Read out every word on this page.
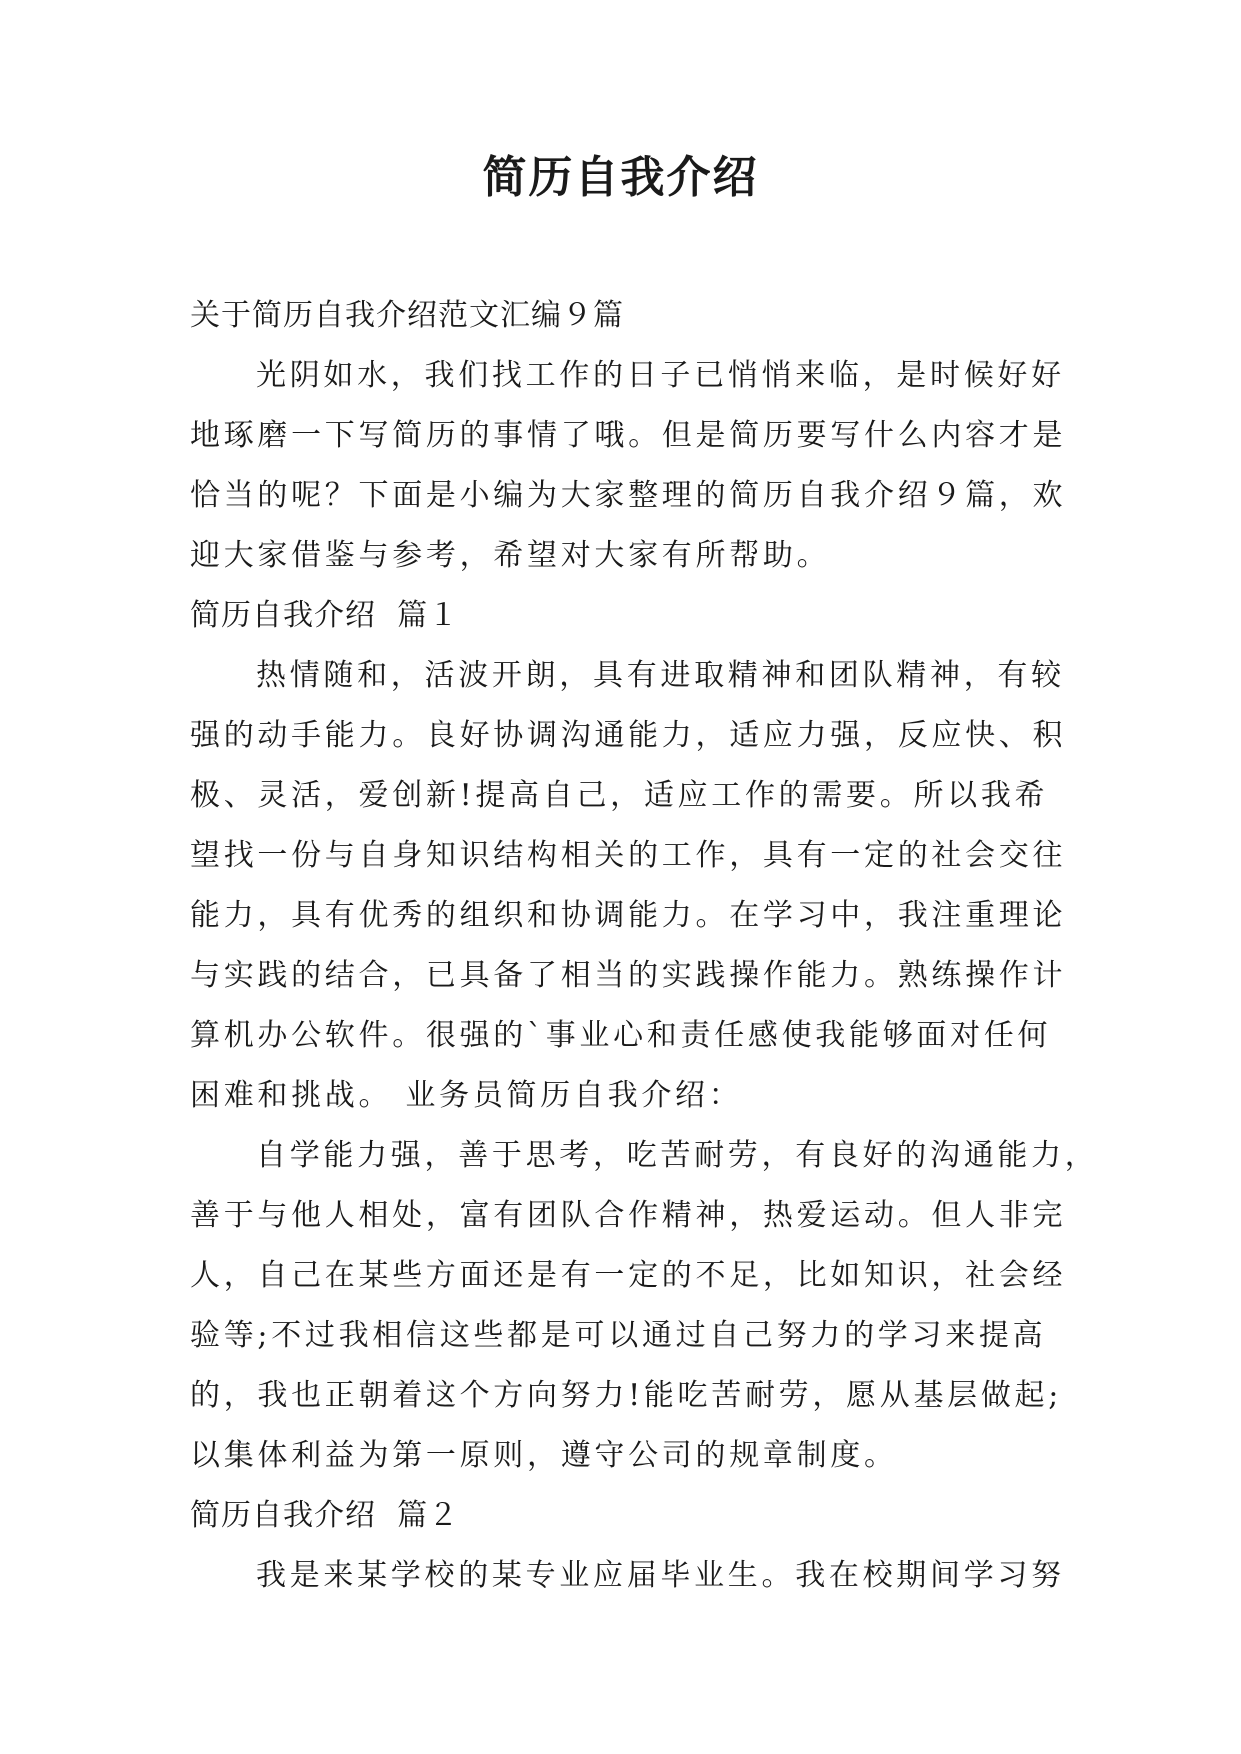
简历自我介绍

关于简历自我介绍范文汇编９篇

光阴如水，我们找工作的日子已悄悄来临，是时候好好

地琢磨一下写简历的事情了哦。但是简历要写什么内容才是

恰当的呢？下面是小编为大家整理的简历自我介绍９篇，欢

迎大家借鉴与参考，希望对大家有所帮助。

简历自我介绍  篇１

热情随和，活波开朗，具有进取精神和团队精神，有较

强的动手能力。良好协调沟通能力，适应力强，反应快、积

极、灵活，爱创新!提高自己，适应工作的需要。所以我希

望找一份与自身知识结构相关的工作，具有一定的社会交往

能力，具有优秀的组织和协调能力。在学习中，我注重理论

与实践的结合，已具备了相当的实践操作能力。熟练操作计

算机办公软件。很强的`事业心和责任感使我能够面对任何

困难和挑战。 业务员简历自我介绍：

自学能力强，善于思考，吃苦耐劳，有良好的沟通能力，

善于与他人相处，富有团队合作精神，热爱运动。但人非完

人，自己在某些方面还是有一定的不足，比如知识，社会经

验等;不过我相信这些都是可以通过自己努力的学习来提高

的，我也正朝着这个方向努力!能吃苦耐劳，愿从基层做起;

以集体利益为第一原则，遵守公司的规章制度。

简历自我介绍  篇２

我是来某学校的某专业应届毕业生。我在校期间学习努
